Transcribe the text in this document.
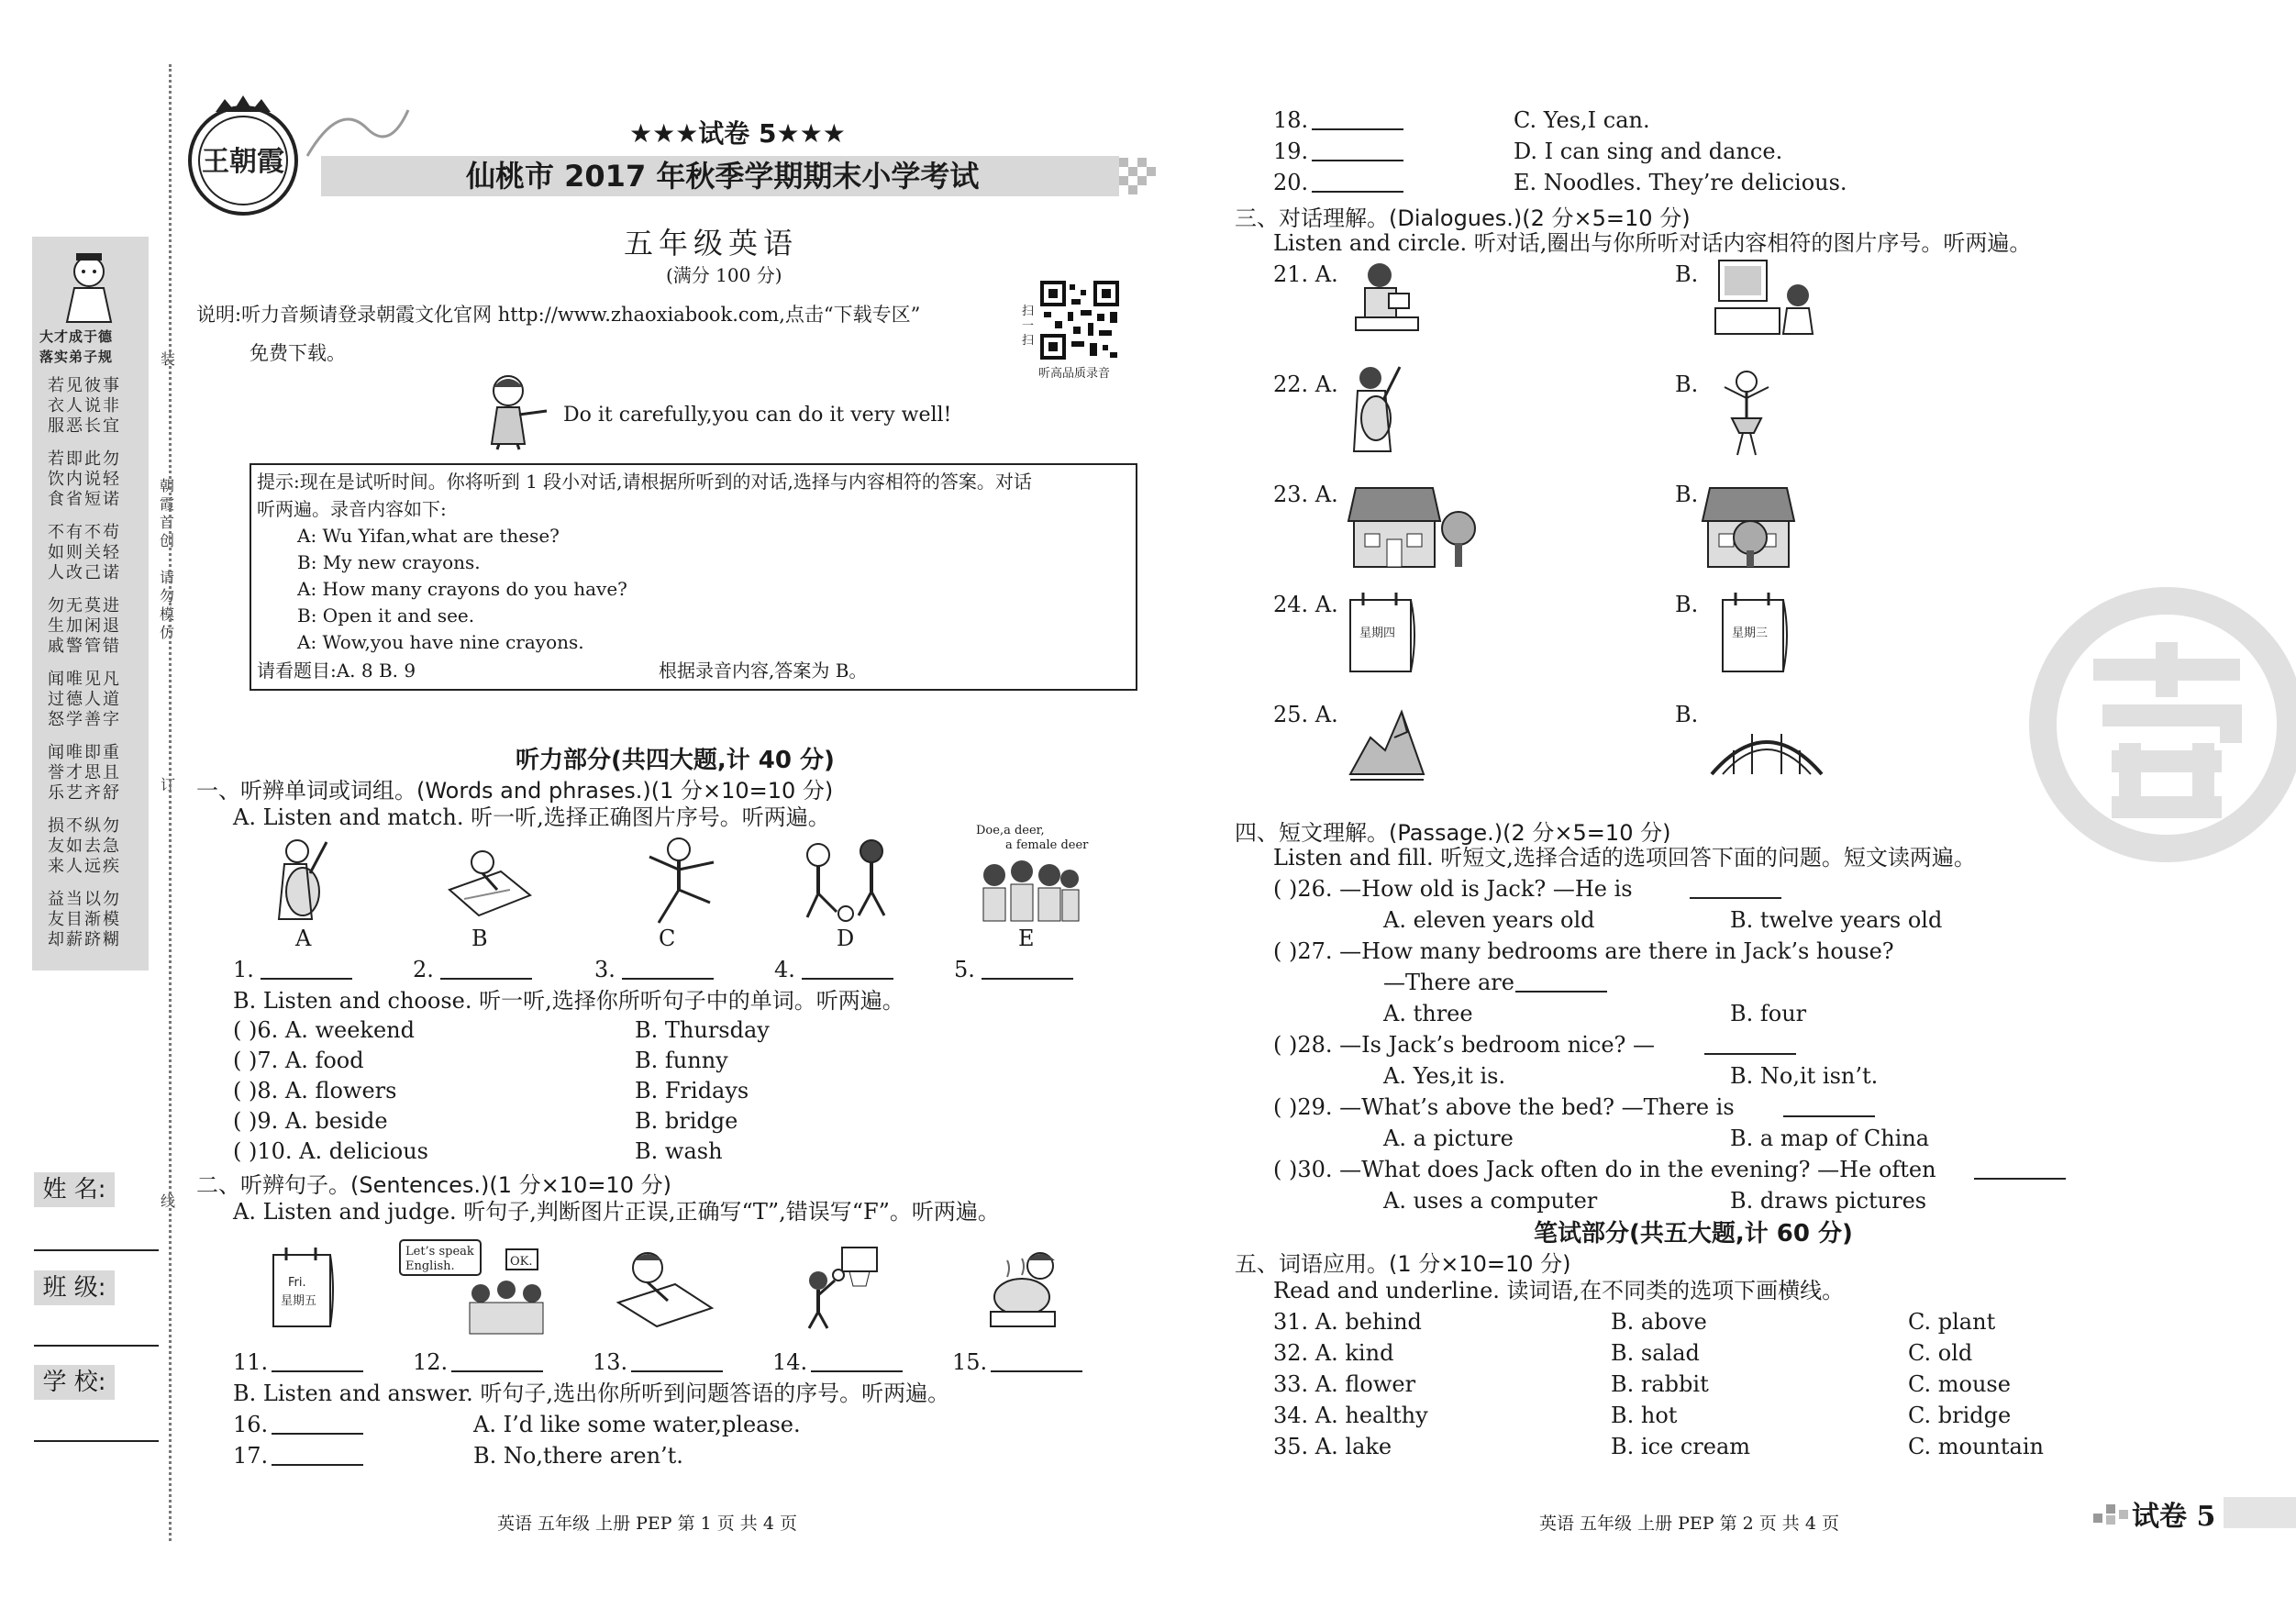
大才成于德
落实弟子规
若见彼事
衣人说非
服恶长宜
若即此勿
饮内说轻
食省短诺
不有不苟
如则关轻
人改己诺
勿无莫进
生加闲退
戚警管错
闻唯见凡
过德人道
怒学善字
闻唯即重
誉才思且
乐艺齐舒
损不纵勿
友如去急
来人远疾
益当以勿
友目渐模
却薪跻糊
装
朝霞首创
请勿模仿
订
线
姓 名:
班 级:
学 校:
王朝霞
★★★试卷 5★★★
仙桃市 2017 年秋季学期期末小学考试
五年级英语
(满分 100 分)
说明:听力音频请登录朝霞文化官网 http://www.zhaoxiabook.com,点击“下载专区”
免费下载。
扫一扫
听高品质录音
Do it carefully,you can do it very well!
提示:现在是试听时间。你将听到 1 段小对话,请根据所听到的对话,选择与内容相符的答案。对话
听两遍。录音内容如下:
A: Wu Yifan,what are these?
B: My new crayons.
A: How many crayons do you have?
B: Open it and see.
A: Wow,you have nine crayons.
请看题目:A. 8 B. 9	根据录音内容,答案为 B。
听力部分(共四大题,计 40 分)
一、听辨单词或词组。(Words and phrases.)(1 分×10=10 分)
A. Listen and match. 听一听,选择正确图片序号。听两遍。
Doe,a deer,
a female deer
A	B	C	D	E
1.	2.	3.	4.	5.
B. Listen and choose. 听一听,选择你所听句子中的单词。听两遍。
( )6. A. weekend	B. Thursday
( )7. A. food	B. funny
( )8. A. flowers	B. Fridays
( )9. A. beside	B. bridge
( )10. A. delicious	B. wash
二、听辨句子。(Sentences.)(1 分×10=10 分)
A. Listen and judge. 听句子,判断图片正误,正确写“T”,错误写“F”。听两遍。
Fri.
星期五
Let’s speak
English.	OK.
11.	12.	13.	14.	15.
B. Listen and answer. 听句子,选出你所听到问题答语的序号。听两遍。
16.	A. I’d like some water,please.
17.	B. No,there aren’t.
英语 五年级 上册 PEP 第 1 页 共 4 页
18.	C. Yes,I can.
19.	D. I can sing and dance.
20.	E. Noodles. They’re delicious.
三、对话理解。(Dialogues.)(2 分×5=10 分)
Listen and circle. 听对话,圈出与你所听对话内容相符的图片序号。听两遍。
21. A.	B.
22. A.	B.
23. A.	B.
24. A.
星期四
B.
星期三
25. A.	B.
四、短文理解。(Passage.)(2 分×5=10 分)
Listen and fill. 听短文,选择合适的选项回答下面的问题。短文读两遍。
( )26. —How old is Jack? —He is
A. eleven years old	B. twelve years old
( )27. —How many bedrooms are there in Jack’s house?
—There are
A. three	B. four
( )28. —Is Jack’s bedroom nice? —
A. Yes,it is.	B. No,it isn’t.
( )29. —What’s above the bed? —There is
A. a picture	B. a map of China
( )30. —What does Jack often do in the evening? —He often
A. uses a computer	B. draws pictures
笔试部分(共五大题,计 60 分)
五、词语应用。(1 分×10=10 分)
Read and underline. 读词语,在不同类的选项下画横线。
31. A. behind	B. above	C. plant
32. A. kind	B. salad	C. old
33. A. flower	B. rabbit	C. mouse
34. A. healthy	B. hot	C. bridge
35. A. lake	B. ice cream	C. mountain
英语 五年级 上册 PEP 第 2 页 共 4 页	试卷 5
